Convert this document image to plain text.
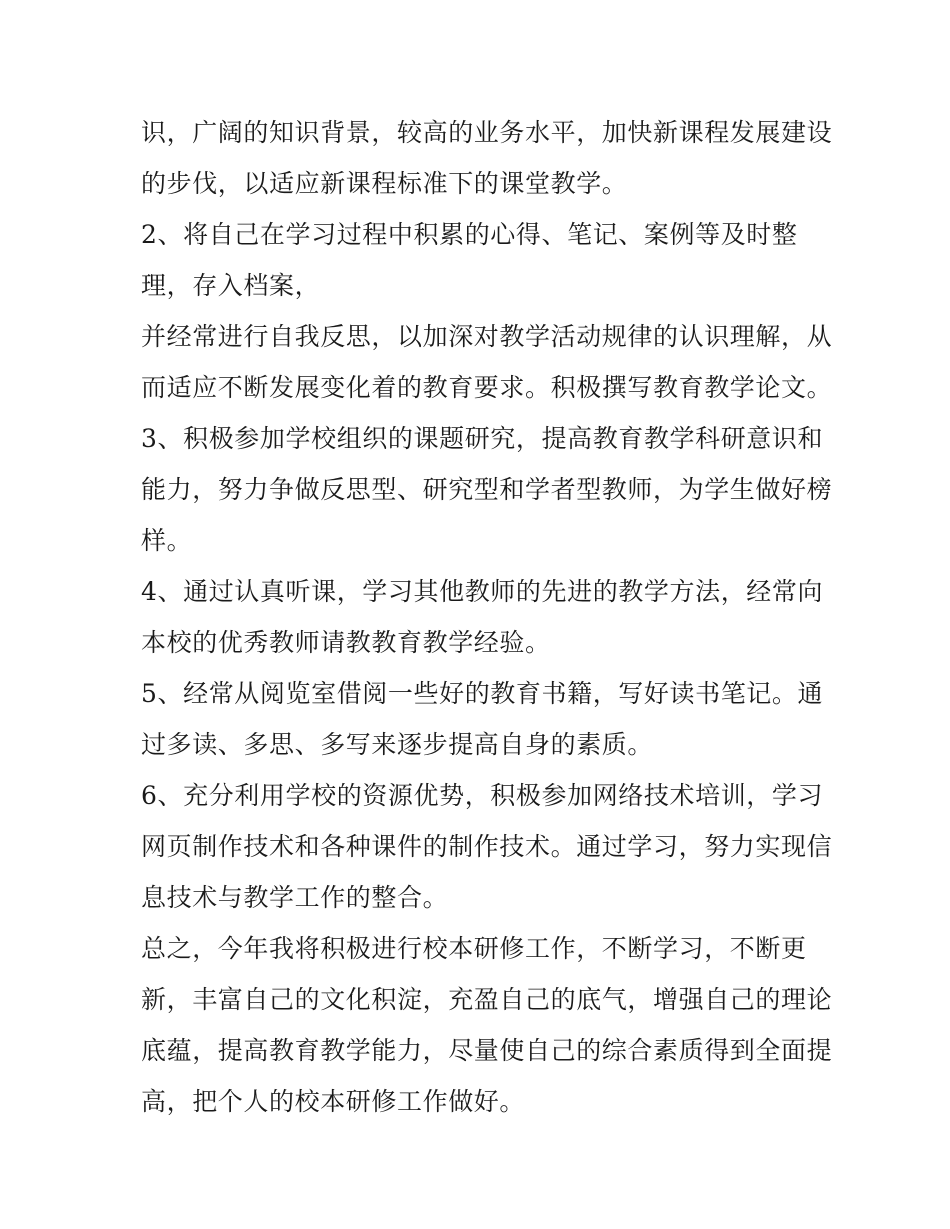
识，广阔的知识背景，较高的业务水平，加快新课程发展建设
的步伐，以适应新课程标准下的课堂教学。
2、将自己在学习过程中积累的心得、笔记、案例等及时整
理，存入档案，
并经常进行自我反思，以加深对教学活动规律的认识理解，从
而适应不断发展变化着的教育要求。积极撰写教育教学论文。
3、积极参加学校组织的课题研究，提高教育教学科研意识和
能力，努力争做反思型、研究型和学者型教师，为学生做好榜
样。
4、通过认真听课，学习其他教师的先进的教学方法，经常向
本校的优秀教师请教教育教学经验。
5、经常从阅览室借阅一些好的教育书籍，写好读书笔记。通
过多读、多思、多写来逐步提高自身的素质。
6、充分利用学校的资源优势，积极参加网络技术培训，学习
网页制作技术和各种课件的制作技术。通过学习，努力实现信
息技术与教学工作的整合。
总之，今年我将积极进行校本研修工作，不断学习，不断更
新，丰富自己的文化积淀，充盈自己的底气，增强自己的理论
底蕴，提高教育教学能力，尽量使自己的综合素质得到全面提
高，把个人的校本研修工作做好。
